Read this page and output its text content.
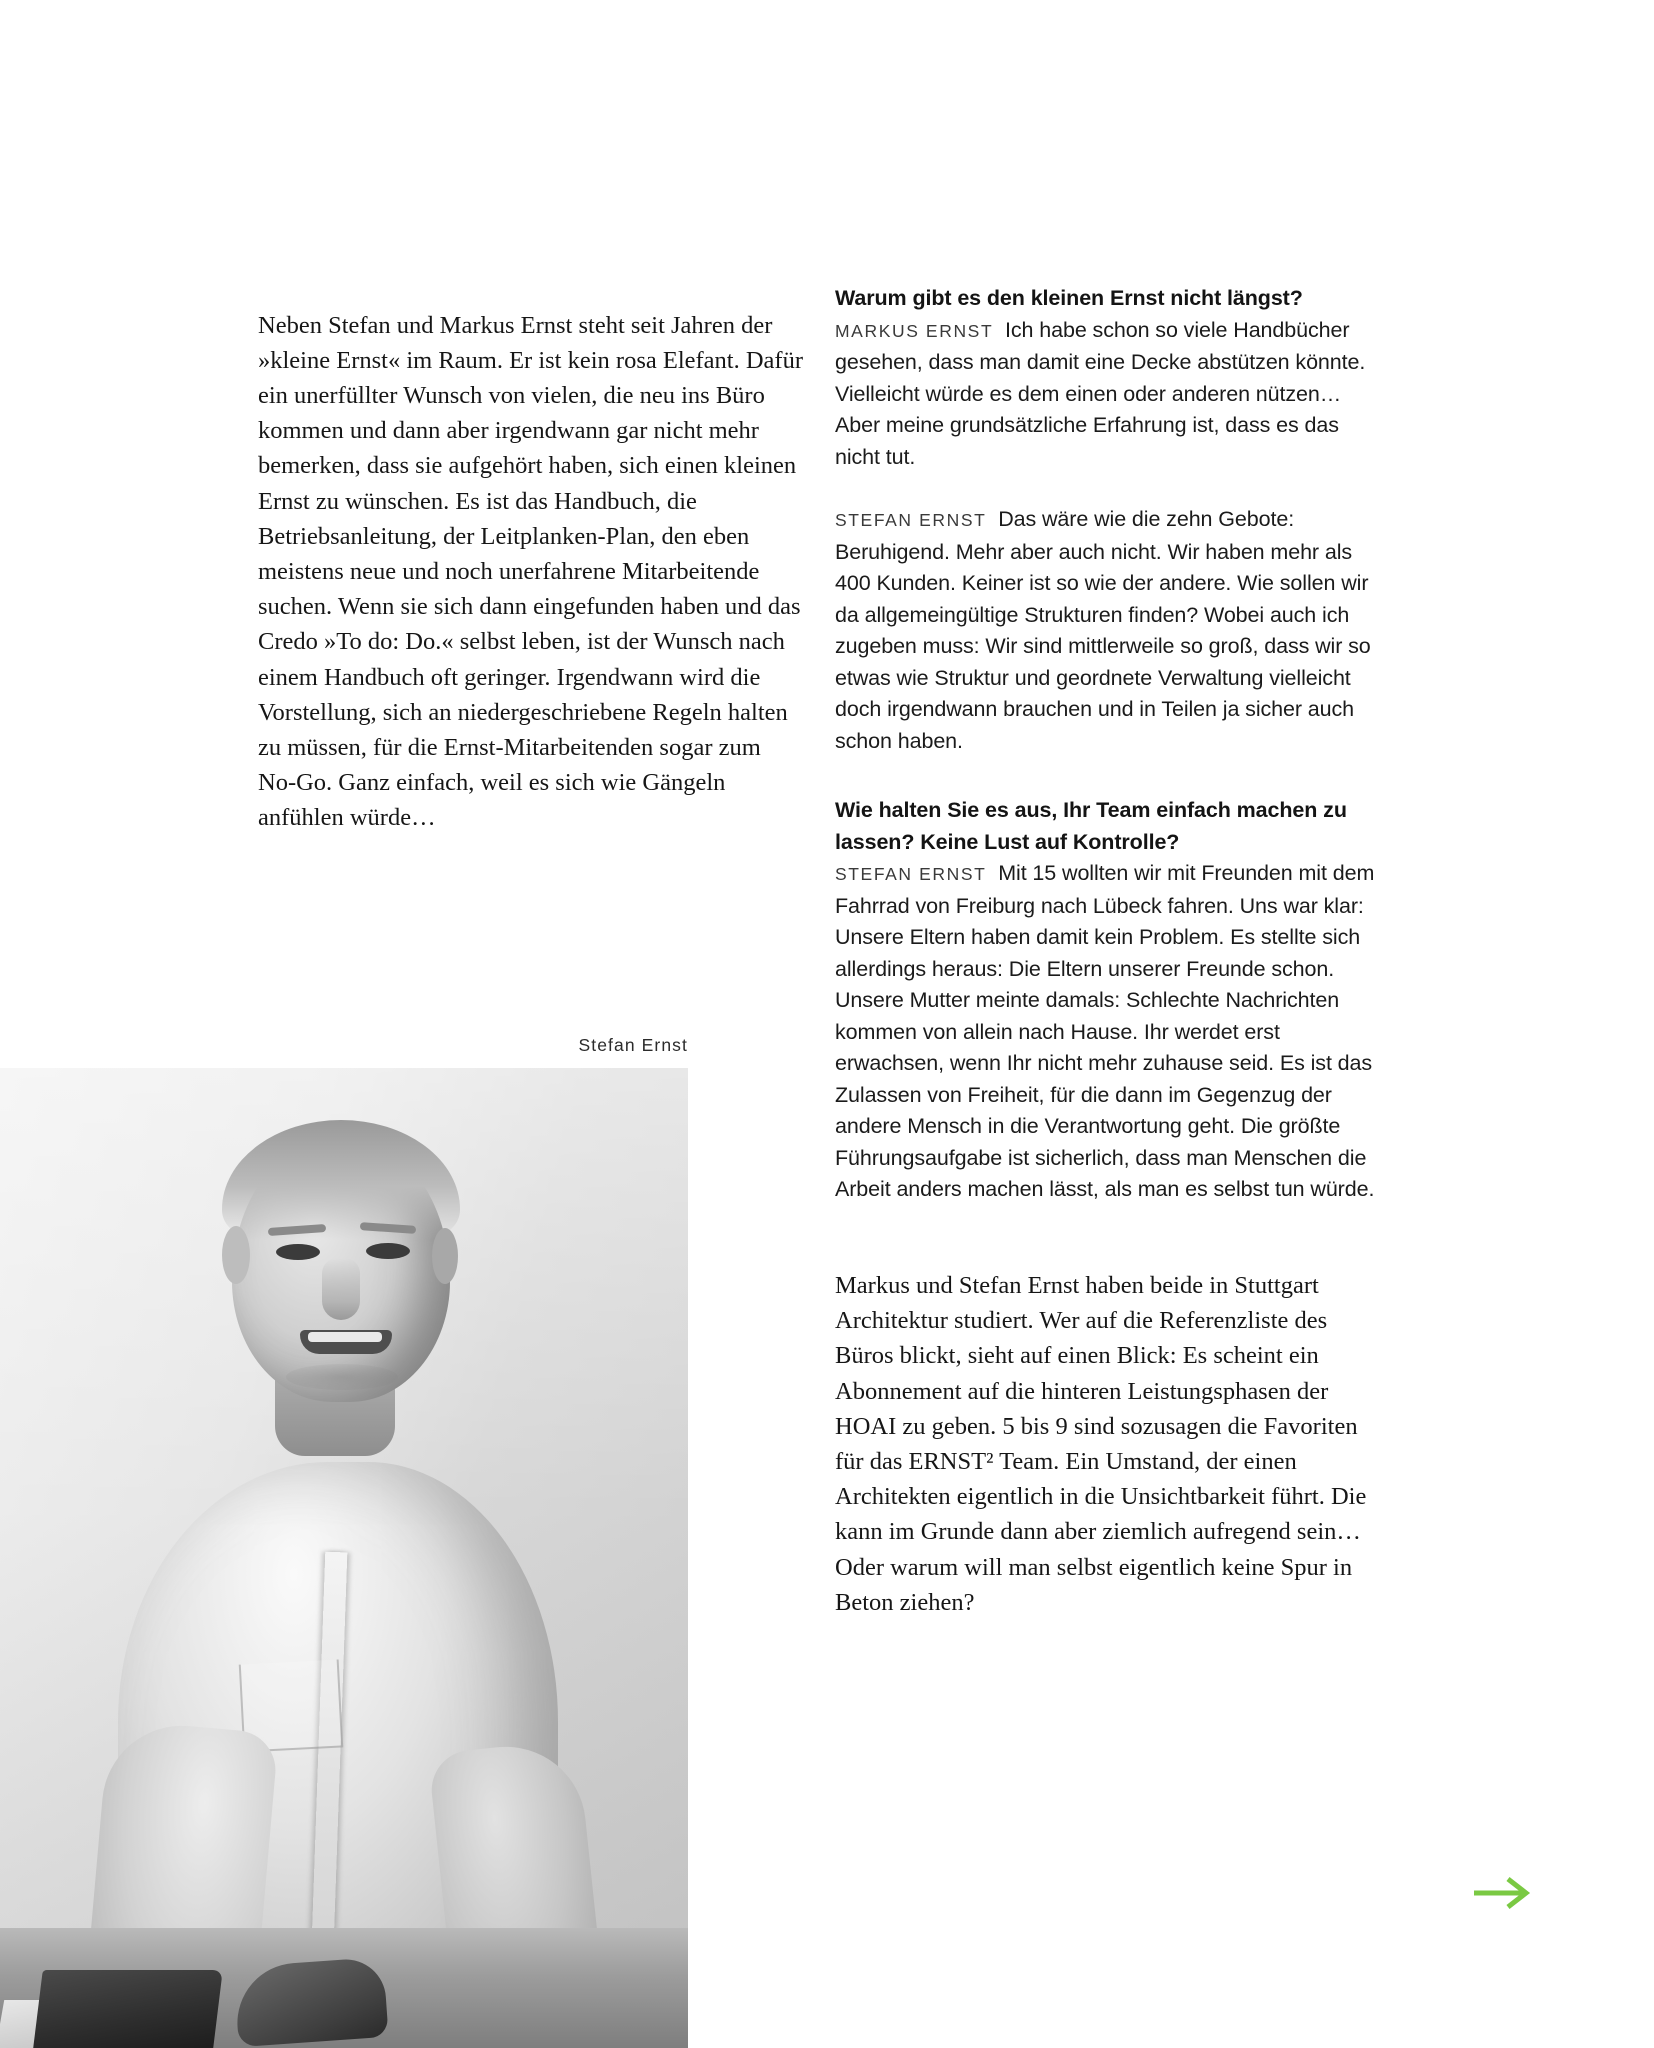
Neben Stefan und Markus Ernst steht seit Jahren der »kleine Ernst« im Raum. Er ist kein rosa Elefant. Dafür ein unerfüllter Wunsch von vielen, die neu ins Büro kommen und dann aber irgendwann gar nicht mehr bemerken, dass sie aufgehört haben, sich einen kleinen Ernst zu wünschen. Es ist das Handbuch, die Betriebsanleitung, der Leitplanken-Plan, den eben meistens neue und noch unerfahrene Mitarbeitende suchen. Wenn sie sich dann eingefunden haben und das Credo »To do: Do.« selbst leben, ist der Wunsch nach einem Handbuch oft geringer. Irgendwann wird die Vorstellung, sich an niedergeschriebene Regeln halten zu müssen, für die Ernst-Mitarbeitenden sogar zum No-Go. Ganz einfach, weil es sich wie Gängeln anfühlen würde…

Stefan Ernst
Warum gibt es den kleinen Ernst nicht längst?
MARKUS ERNST Ich habe schon so viele Handbücher gesehen, dass man damit eine Decke abstützen könnte. Vielleicht würde es dem einen oder anderen nützen… Aber meine grundsätzliche Erfahrung ist, dass es das nicht tut.
STEFAN ERNST Das wäre wie die zehn Gebote: Beruhigend. Mehr aber auch nicht. Wir haben mehr als 400 Kunden. Keiner ist so wie der andere. Wie sollen wir da allgemeingültige Strukturen finden? Wobei auch ich zugeben muss: Wir sind mittlerweile so groß, dass wir so etwas wie Struktur und geordnete Verwaltung vielleicht doch irgendwann brauchen und in Teilen ja sicher auch schon haben.
Wie halten Sie es aus, Ihr Team einfach machen zu lassen? Keine Lust auf Kontrolle?
STEFAN ERNST Mit 15 wollten wir mit Freunden mit dem Fahrrad von Freiburg nach Lübeck fahren. Uns war klar: Unsere Eltern haben damit kein Problem. Es stellte sich allerdings heraus: Die Eltern unserer Freunde schon. Unsere Mutter meinte damals: Schlechte Nachrichten kommen von allein nach Hause. Ihr werdet erst erwachsen, wenn Ihr nicht mehr zuhause seid. Es ist das Zulassen von Freiheit, für die dann im Gegenzug der andere Mensch in die Verantwortung geht. Die größte Führungsaufgabe ist sicherlich, dass man Menschen die Arbeit anders machen lässt, als man es selbst tun würde.

Markus und Stefan Ernst haben beide in Stuttgart Architektur studiert. Wer auf die Referenzliste des Büros blickt, sieht auf einen Blick: Es scheint ein Abonnement auf die hinteren Leistungsphasen der HOAI zu geben. 5 bis 9 sind sozusagen die Favoriten für das ERNST² Team. Ein Umstand, der einen Architekten eigentlich in die Unsichtbarkeit führt. Die kann im Grunde dann aber ziemlich aufregend sein… Oder warum will man selbst eigentlich keine Spur in Beton ziehen?
